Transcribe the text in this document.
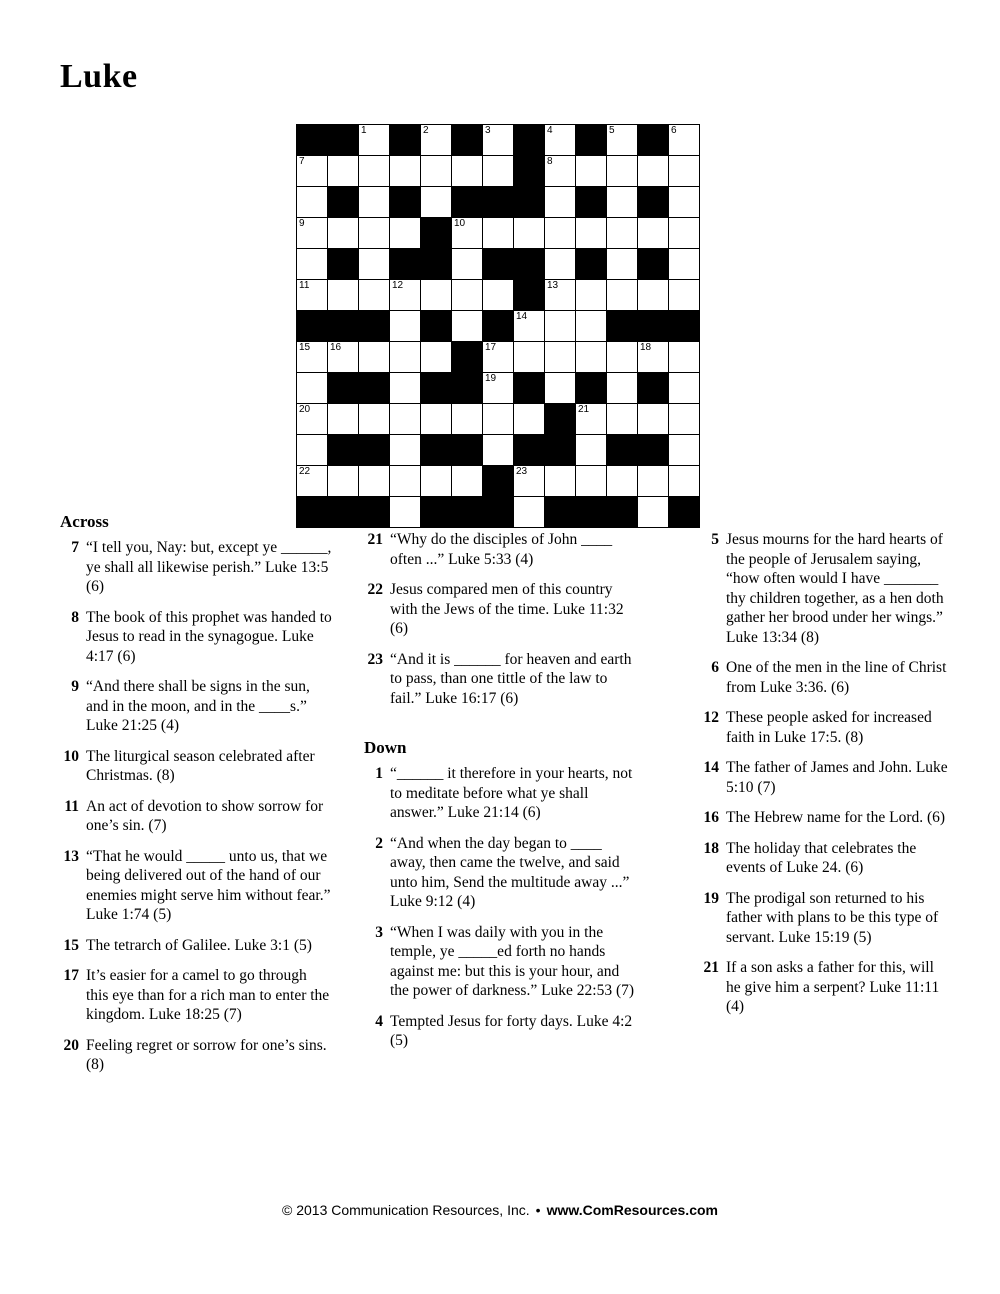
Luke

		1		2		3		4		5		6

7								8				

9					10							

11			12					13				

							14					

15	16					17					18	

						19						

20									21			

22							23					

Across
7 “I tell you, Nay: but, except ye ______, ye shall all likewise perish.” Luke 13:5 (6)
8 The book of this prophet was handed to Jesus to read in the synagogue. Luke 4:17 (6)
9 “And there shall be signs in the sun, and in the moon, and in the ____s.” Luke 21:25 (4)
10 The liturgical season celebrated after Christmas. (8)
11 An act of devotion to show sorrow for one’s sin. (7)
13 “That he would _____ unto us, that we being delivered out of the hand of our enemies might serve him without fear.” Luke 1:74 (5)
15 The tetrarch of Galilee. Luke 3:1 (5)
17 It’s easier for a camel to go through this eye than for a rich man to enter the kingdom. Luke 18:25 (7)
20 Feeling regret or sorrow for one’s sins. (8)
21 “Why do the disciples of John ____ often ...” Luke 5:33 (4)
22 Jesus compared men of this country with the Jews of the time. Luke 11:32 (6)
23 “And it is ______ for heaven and earth to pass, than one tittle of the law to fail.” Luke 16:17 (6)
Down
1 “______ it therefore in your hearts, not to meditate before what ye shall answer.” Luke 21:14 (6)
2 “And when the day began to ____ away, then came the twelve, and said unto him, Send the multitude away ...” Luke 9:12 (4)
3 “When I was daily with you in the temple, ye _____ed forth no hands against me: but this is your hour, and the power of darkness.” Luke 22:53 (7)
4 Tempted Jesus for forty days. Luke 4:2 (5)
5 Jesus mourns for the hard hearts of the people of Jerusalem saying, “how often would I have _______ thy children together, as a hen doth gather her brood under her wings.” Luke 13:34 (8)
6 One of the men in the line of Christ from Luke 3:36. (6)
12 These people asked for increased faith in Luke 17:5. (8)
14 The father of James and John. Luke 5:10 (7)
16 The Hebrew name for the Lord. (6)
18 The holiday that celebrates the events of Luke 24. (6)
19 The prodigal son returned to his father with plans to be this type of servant. Luke 15:19 (5)
21 If a son asks a father for this, will he give him a serpent? Luke 11:11 (4)
© 2013 Communication Resources, Inc. • www.ComResources.com
